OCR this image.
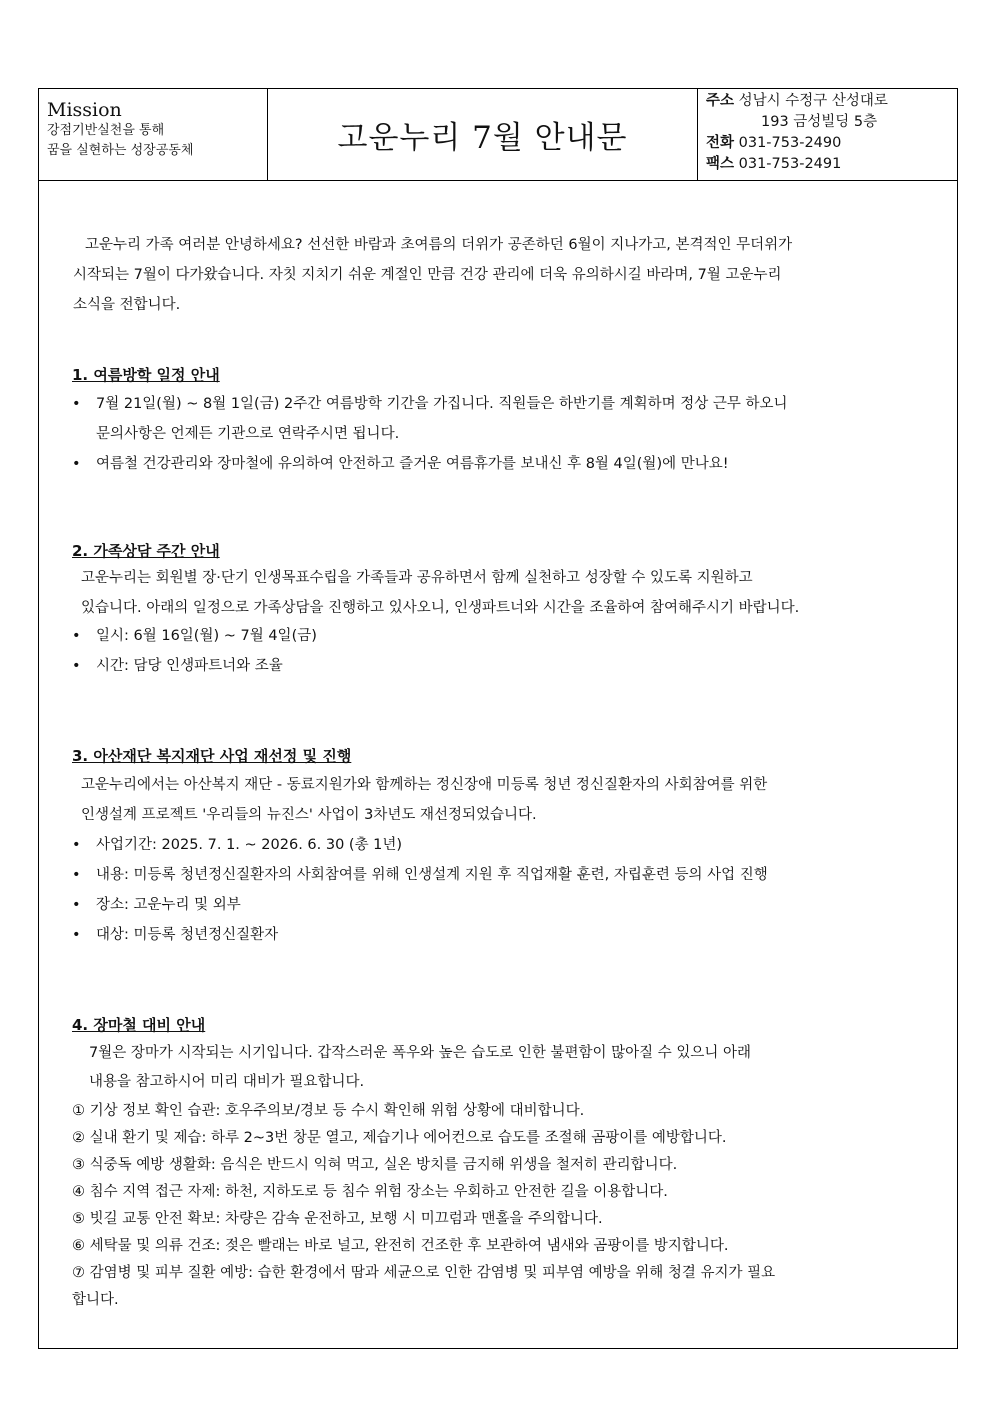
Mission
강점기반실천을 통해
꿈을 실현하는 성장공동체	고운누리 7월 안내문
주소 성남시 수정구 산성대로
193 금성빌딩 5층
전화 031-753-2490
팩스 031-753-2491
고운누리 가족 여러분 안녕하세요? 선선한 바람과 초여름의 더위가 공존하던 6월이 지나가고, 본격적인 무더위가
시작되는 7월이 다가왔습니다. 자칫 지치기 쉬운 계절인 만큼 건강 관리에 더욱 유의하시길 바라며, 7월 고운누리
소식을 전합니다.
1. 여름방학 일정 안내
•	7월 21일(월) ~ 8월 1일(금) 2주간 여름방학 기간을 가집니다. 직원들은 하반기를 계획하며 정상 근무 하오니
문의사항은 언제든 기관으로 연락주시면 됩니다.
•	여름철 건강관리와 장마철에 유의하여 안전하고 즐거운 여름휴가를 보내신 후 8월 4일(월)에 만나요!
2. 가족상담 주간 안내
고운누리는 회원별 장·단기 인생목표수립을 가족들과 공유하면서 함께 실천하고 성장할 수 있도록 지원하고
있습니다. 아래의 일정으로 가족상담을 진행하고 있사오니, 인생파트너와 시간을 조율하여 참여해주시기 바랍니다.
•	일시: 6월 16일(월) ~ 7월 4일(금)
•	시간: 담당 인생파트너와 조율
3. 아산재단 복지재단 사업 재선정 및 진행
고운누리에서는 아산복지 재단 - 동료지원가와 함께하는 정신장애 미등록 청년 정신질환자의 사회참여를 위한
인생설계 프로젝트 '우리들의 뉴진스' 사업이 3차년도 재선정되었습니다.
•	사업기간: 2025. 7. 1. ~ 2026. 6. 30 (총 1년)
•	내용: 미등록 청년정신질환자의 사회참여를 위해 인생설계 지원 후 직업재활 훈련, 자립훈련 등의 사업 진행
•	장소: 고운누리 및 외부
•	대상: 미등록 청년정신질환자
4. 장마철 대비 안내
7월은 장마가 시작되는 시기입니다. 갑작스러운 폭우와 높은 습도로 인한 불편함이 많아질 수 있으니 아래
내용을 참고하시어 미리 대비가 필요합니다.
① 기상 정보 확인 습관: 호우주의보/경보 등 수시 확인해 위험 상황에 대비합니다.
② 실내 환기 및 제습: 하루 2~3번 창문 열고, 제습기나 에어컨으로 습도를 조절해 곰팡이를 예방합니다.
③ 식중독 예방 생활화: 음식은 반드시 익혀 먹고, 실온 방치를 금지해 위생을 철저히 관리합니다.
④ 침수 지역 접근 자제: 하천, 지하도로 등 침수 위험 장소는 우회하고 안전한 길을 이용합니다.
⑤ 빗길 교통 안전 확보: 차량은 감속 운전하고, 보행 시 미끄럼과 맨홀을 주의합니다.
⑥ 세탁물 및 의류 건조: 젖은 빨래는 바로 널고, 완전히 건조한 후 보관하여 냄새와 곰팡이를 방지합니다.
⑦ 감염병 및 피부 질환 예방: 습한 환경에서 땀과 세균으로 인한 감염병 및 피부염 예방을 위해 청결 유지가 필요
합니다.
